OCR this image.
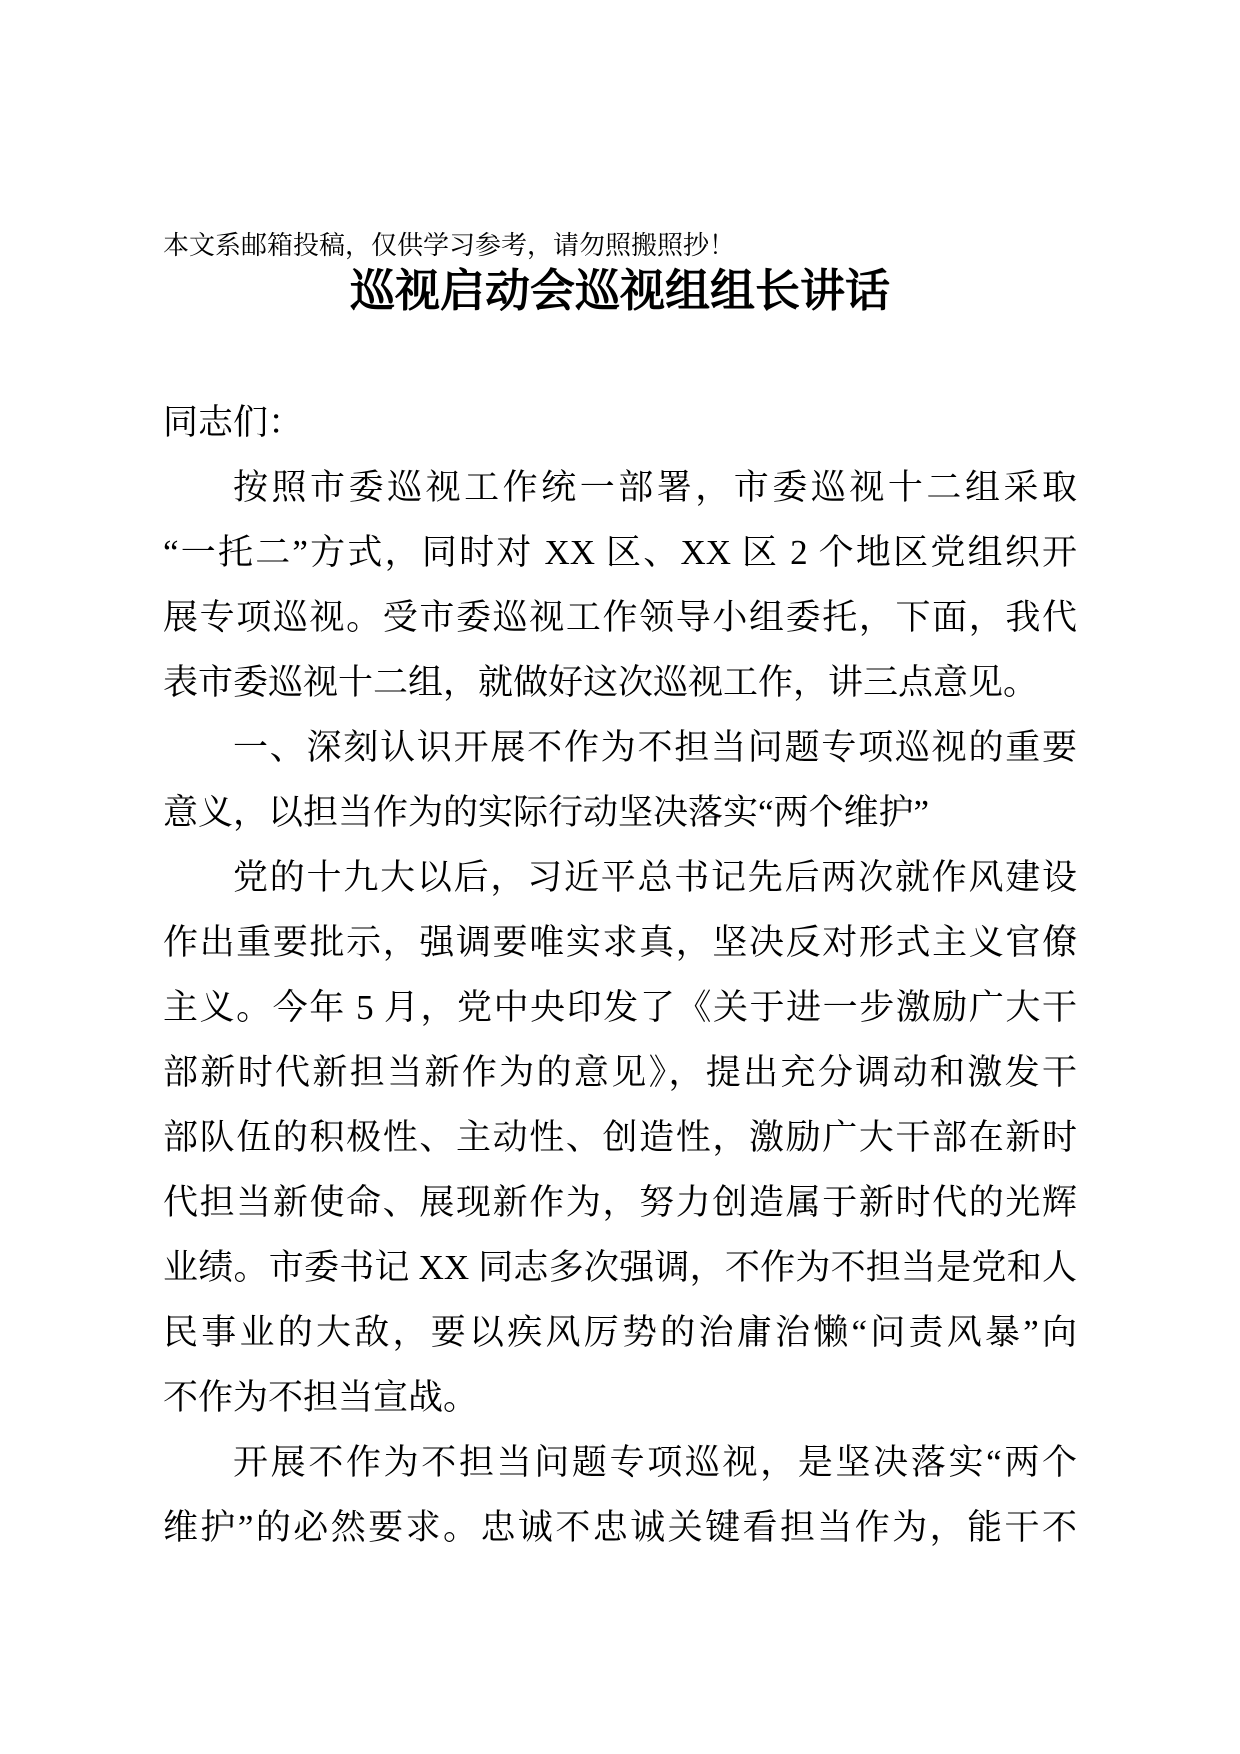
本文系邮箱投稿，仅供学习参考，请勿照搬照抄！
巡视启动会巡视组组长讲话
同志们：
按照市委巡视工作统一部署，市委巡视十二组采取
“一托二”方式，同时对 XX 区、XX 区 2 个地区党组织开
展专项巡视。受市委巡视工作领导小组委托，下面，我代
表市委巡视十二组，就做好这次巡视工作，讲三点意见。
一、深刻认识开展不作为不担当问题专项巡视的重要
意义，以担当作为的实际行动坚决落实“两个维护”
党的十九大以后，习近平总书记先后两次就作风建设
作出重要批示，强调要唯实求真，坚决反对形式主义官僚
主义。今年 5 月，党中央印发了《关于进一步激励广大干
部新时代新担当新作为的意见》，提出充分调动和激发干
部队伍的积极性、主动性、创造性，激励广大干部在新时
代担当新使命、展现新作为，努力创造属于新时代的光辉
业绩。市委书记 XX 同志多次强调，不作为不担当是党和人
民事业的大敌，要以疾风厉势的治庸治懒“问责风暴”向
不作为不担当宣战。
开展不作为不担当问题专项巡视，是坚决落实“两个
维护”的必然要求。忠诚不忠诚关键看担当作为，能干不
